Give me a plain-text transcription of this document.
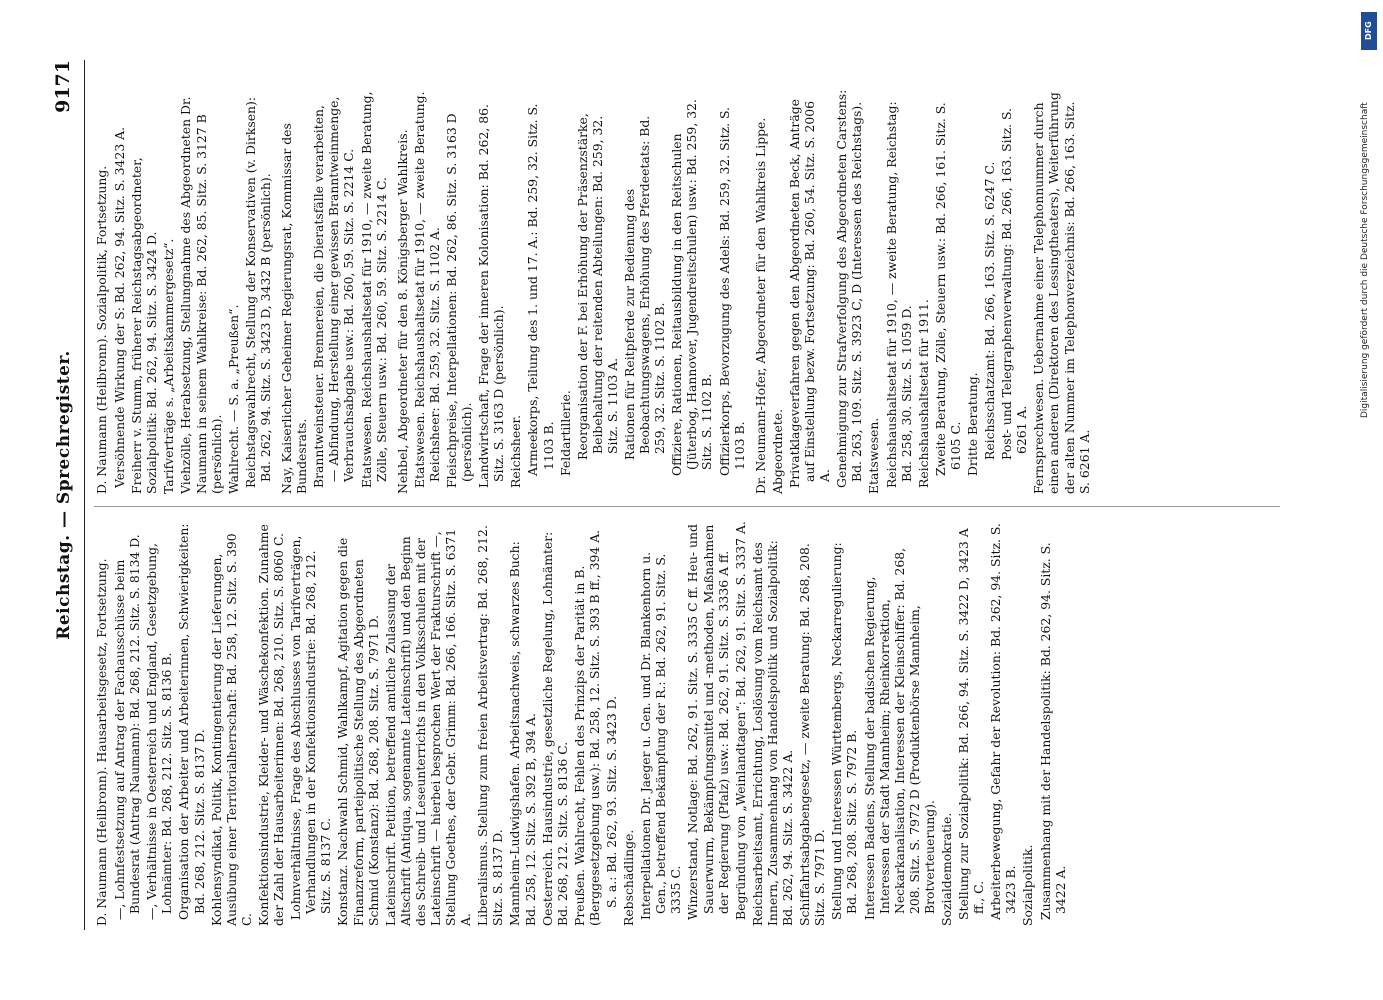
Reichstag. — Sprechregister.
9171
D. Naumann (Heilbronn). Hausarbeitsgesetz, Fortsetzung. —, Lohnfestsetzung auf Antrag der Fachausschüsse beim Bundesrat (Antrag Naumann): Bd. 268, 212. Sitz. S. 8134 D. —, Verhältnisse in Oesterreich und England, Gesetzgebung, Lohnämter: Bd. 268, 212. Sitz. S. 8136 B. Organisation der Arbeiter und Arbeiterinnen, Schwierigkeiten: Bd. 268, 212. Sitz. S. 8137 D. Kohlensyndikat, Politik, Kontingentierung der Lieferungen, Ausübung einer Territorialherrschaft: Bd. 258, 12. Sitz. S. 390 C. Konfektionsindustrie, Kleider- und Wäschekonfektion. Zunahme der Zahl der Hausarbeiterinnen: Bd. 268, 210. Sitz. S. 8060 C. Lohnverhältnisse, Frage des Abschlusses von Tarifverträgen, Verhandlungen in der Konfektionsindustrie: Bd. 268, 212. Sitz. S. 8137 C. Konstanz. Nachwahl Schmid, Wahlkampf, Agitation gegen die Finanzreform, parteipolitische Stellung des Abgeordneten Schmid (Konstanz): Bd. 268, 208. Sitz. S. 7971 D. Lateinschrift. Petition, betreffend amtliche Zulassung der Altschrift (Antiqua, sogenannte Lateinschrift) und den Beginn des Schreib- und Leseunterrichts in den Volksschulen mit der Lateinschrift — hierbei besprochen Wert der Frakturschrift —, Stellung Goethes, der Gebr. Grimm: Bd. 266, 166. Sitz. S. 6371 A. Liberalismus. Stellung zum freien Arbeitsvertrag: Bd. 268, 212. Sitz. S. 8137 D. Mannheim-Ludwigshafen. Arbeitsnachweis, schwarzes Buch: Bd. 258, 12. Sitz. S. 392 B, 394 A. Oesterreich. Hausindustrie, gesetzliche Regelung, Lohnämter: Bd. 268, 212. Sitz. S. 8136 C. Preußen. Wahlrecht, Fehlen des Prinzips der Parität in B. (Berggesetzgebung usw.): Bd. 258, 12. Sitz. S. 393 B ff., 394 A. S. a.: Bd. 262, 93. Sitz. S. 3423 D. Rebschädlinge. Interpellationen Dr. Jaeger u. Gen. und Dr. Blankenhorn u. Gen., betreffend Bekämpfung der R.: Bd. 262, 91. Sitz. S. 3335 C. Winzerstand, Notlage: Bd. 262, 91. Sitz. S. 3335 C ff. Heu- und Sauerwurm, Bekämpfungsmittel und -methoden, Maßnahmen der Regierung (Pfalz) usw.: Bd. 262, 91. Sitz. S. 3336 A ff. Begründung von „Weinlandtagen“: Bd. 262, 91. Sitz. S. 3337 A. Reichsarbeitsamt, Errichtung, Loslösung vom Reichsamt des Innern, Zusammenhang von Handelspolitik und Sozialpolitik: Bd. 262, 94. Sitz. S. 3422 A. Schiffahrtsabgabengesetz, — zweite Beratung: Bd. 268, 208. Sitz. S. 7971 D. Stellung und Interessen Württembergs, Neckarregulierung: Bd. 268, 208. Sitz. S. 7972 B. Interessen Badens, Stellung der badischen Regierung, Interessen der Stadt Mannheim; Rheinkorrektion, Neckarkanalisation, Interessen der Kleinschiffer: Bd. 268, 208. Sitz. S. 7972 D (Produktenbörse Mannheim, Brotverteuerung). Sozialdemokratie. Stellung zur Sozialpolitik: Bd. 266, 94. Sitz. S. 3422 D, 3423 A ff., C. Arbeiterbewegung, Gefahr der Revolution: Bd. 262, 94. Sitz. S. 3423 B. Sozialpolitik. Zusammenhang mit der Handelspolitik: Bd. 262, 94. Sitz. S. 3422 A.
D. Naumann (Heilbronn). Sozialpolitik, Fortsetzung. Versöhnende Wirkung der S: Bd. 262, 94. Sitz. S. 3423 A. Freiherr v. Stumm, früherer Reichstagsabgeordneter, Sozialpolitik: Bd. 262, 94. Sitz. S. 3424 D. Tarifverträge s. „Arbeitskammergesetz“. Viehzölle, Herabsetzung, Stellungnahme des Abgeordneten Dr. Naumann in seinem Wahlkreise: Bd. 262, 85. Sitz. S. 3127 B (persönlich). Wahlrecht. — S. a. „Preußen“. Reichstagswahlrecht, Stellung der Konservativen (v. Dirksen): Bd. 262, 94. Sitz. S. 3423 D, 3432 B (persönlich). Nay, Kaiserlicher Geheimer Regierungsrat, Kommissar des Bundesrats. Branntweinsteuer. Brennereien, die Dieratsfälle verarbeiten, — Abfindung, Herstellung einer gewissen Branntweinmenge, Verbrauchsabgabe usw.: Bd. 260, 59. Sitz. S. 2214 C. Etatswesen. Reichshaushaltsetat für 1910, — zweite Beratung, Zölle, Steuern usw.: Bd. 260, 59. Sitz. S. 2214 C. Nehbel, Abgeordneter für den 8. Königsberger Wahlkreis. Etatswesen. Reichshaushaltsetat für 1910, — zweite Beratung. Reichsheer: Bd. 259, 32. Sitz. S. 1102 A. Fleischpreise, Interpellationen: Bd. 262, 86. Sitz. S. 3163 D (persönlich). Landwirtschaft, Frage der inneren Kolonisation: Bd. 262, 86. Sitz. S. 3163 D (persönlich). Reichsheer. Armeekorps, Teilung des 1. und 17. A.: Bd. 259, 32. Sitz. S. 1103 B. Feldartillerie. Reorganisation der F. bei Erhöhung der Präsenzstärke, Beibehaltung der reitenden Abteilungen: Bd. 259, 32. Sitz. S. 1103 A. Rationen für Reitpferde zur Bedienung des Beobachtungswagens, Erhöhung des Pferdeetats: Bd. 259, 32. Sitz. S. 1102 B. Offiziere, Rationen, Reitausbildung in den Reitschulen (Jüterbog, Hannover, Jugendreitschulen) usw.: Bd. 259, 32. Sitz. S. 1102 B. Offizierkorps, Bevorzugung des Adels: Bd. 259, 32. Sitz. S. 1103 B. Dr. Neumann-Hofer, Abgeordneter für den Wahlkreis Lippe. Abgeordnete. Privatklageverfahren gegen den Abgeordneten Beck, Anträge auf Einstellung bezw. Fortsetzung: Bd. 260, 54. Sitz. S. 2006 A. Genehmigung zur Strafverfolgung des Abgeordneten Carstens: Bd. 263, 109. Sitz. S. 3923 C, D (Interessen des Reichstags). Etatswesen. Reichshaushaltsetat für 1910, — zweite Beratung, Reichstag: Bd. 258, 30. Sitz. S. 1059 D. Reichshaushaltsetat für 1911. Zweite Beratung, Zölle, Steuern usw.: Bd. 266, 161. Sitz. S. 6105 C. Dritte Beratung. Reichsschatzamt: Bd. 266, 163. Sitz. S. 6247 C. Post- und Telegraphenverwaltung: Bd. 266, 163. Sitz. S. 6261 A. Fernsprechwesen. Uebernahme einer Telephonnummer durch einen anderen (Direktoren des Lessingtheaters), Weiterführung der alten Nummer im Telephonverzeichnis: Bd. 266, 163. Sitz. S. 6261 A.
DFG
Digitalisierung gefördert durch die Deutsche Forschungsgemeinschaft
